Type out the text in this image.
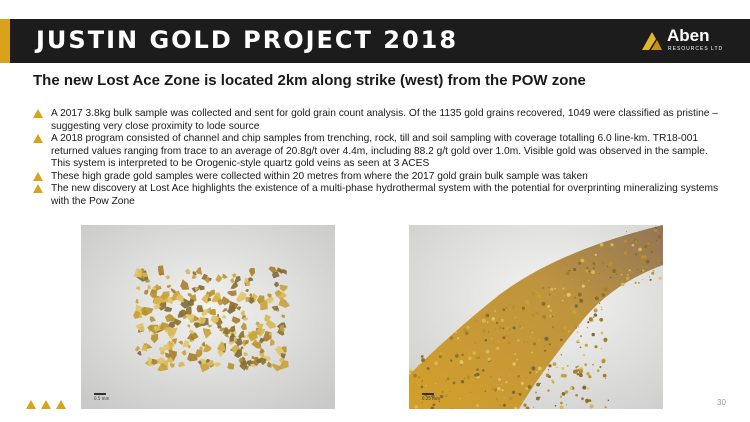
JUSTIN GOLD PROJECT 2018	Aben
RESOURCES LTD
The new Lost Ace Zone is located 2km along strike (west) from the POW zone
A 2017 3.8kg bulk sample was collected and sent for gold grain count analysis. Of the 1135 gold grains recovered, 1049 were classified as pristine – suggesting very close proximity to lode source
A 2018 program consisted of channel and chip samples from trenching, rock, till and soil sampling with coverage totalling 6.0 line-km. TR18-001 returned values ranging from trace to an average of 20.8g/t over 4.4m, including 88.2 g/t gold over 1.0m. Visible gold was observed in the sample. This system is interpreted to be Orogenic-style quartz gold veins as seen at 3 ACES
These high grade gold samples were collected within 20 metres from where the 2017 gold grain bulk sample was taken
The new discovery at Lost Ace highlights the existence of a multi-phase hydrothermal system with the potential for overprinting mineralizing systems with the Pow Zone
0.5 mm	0.25 mm	30
